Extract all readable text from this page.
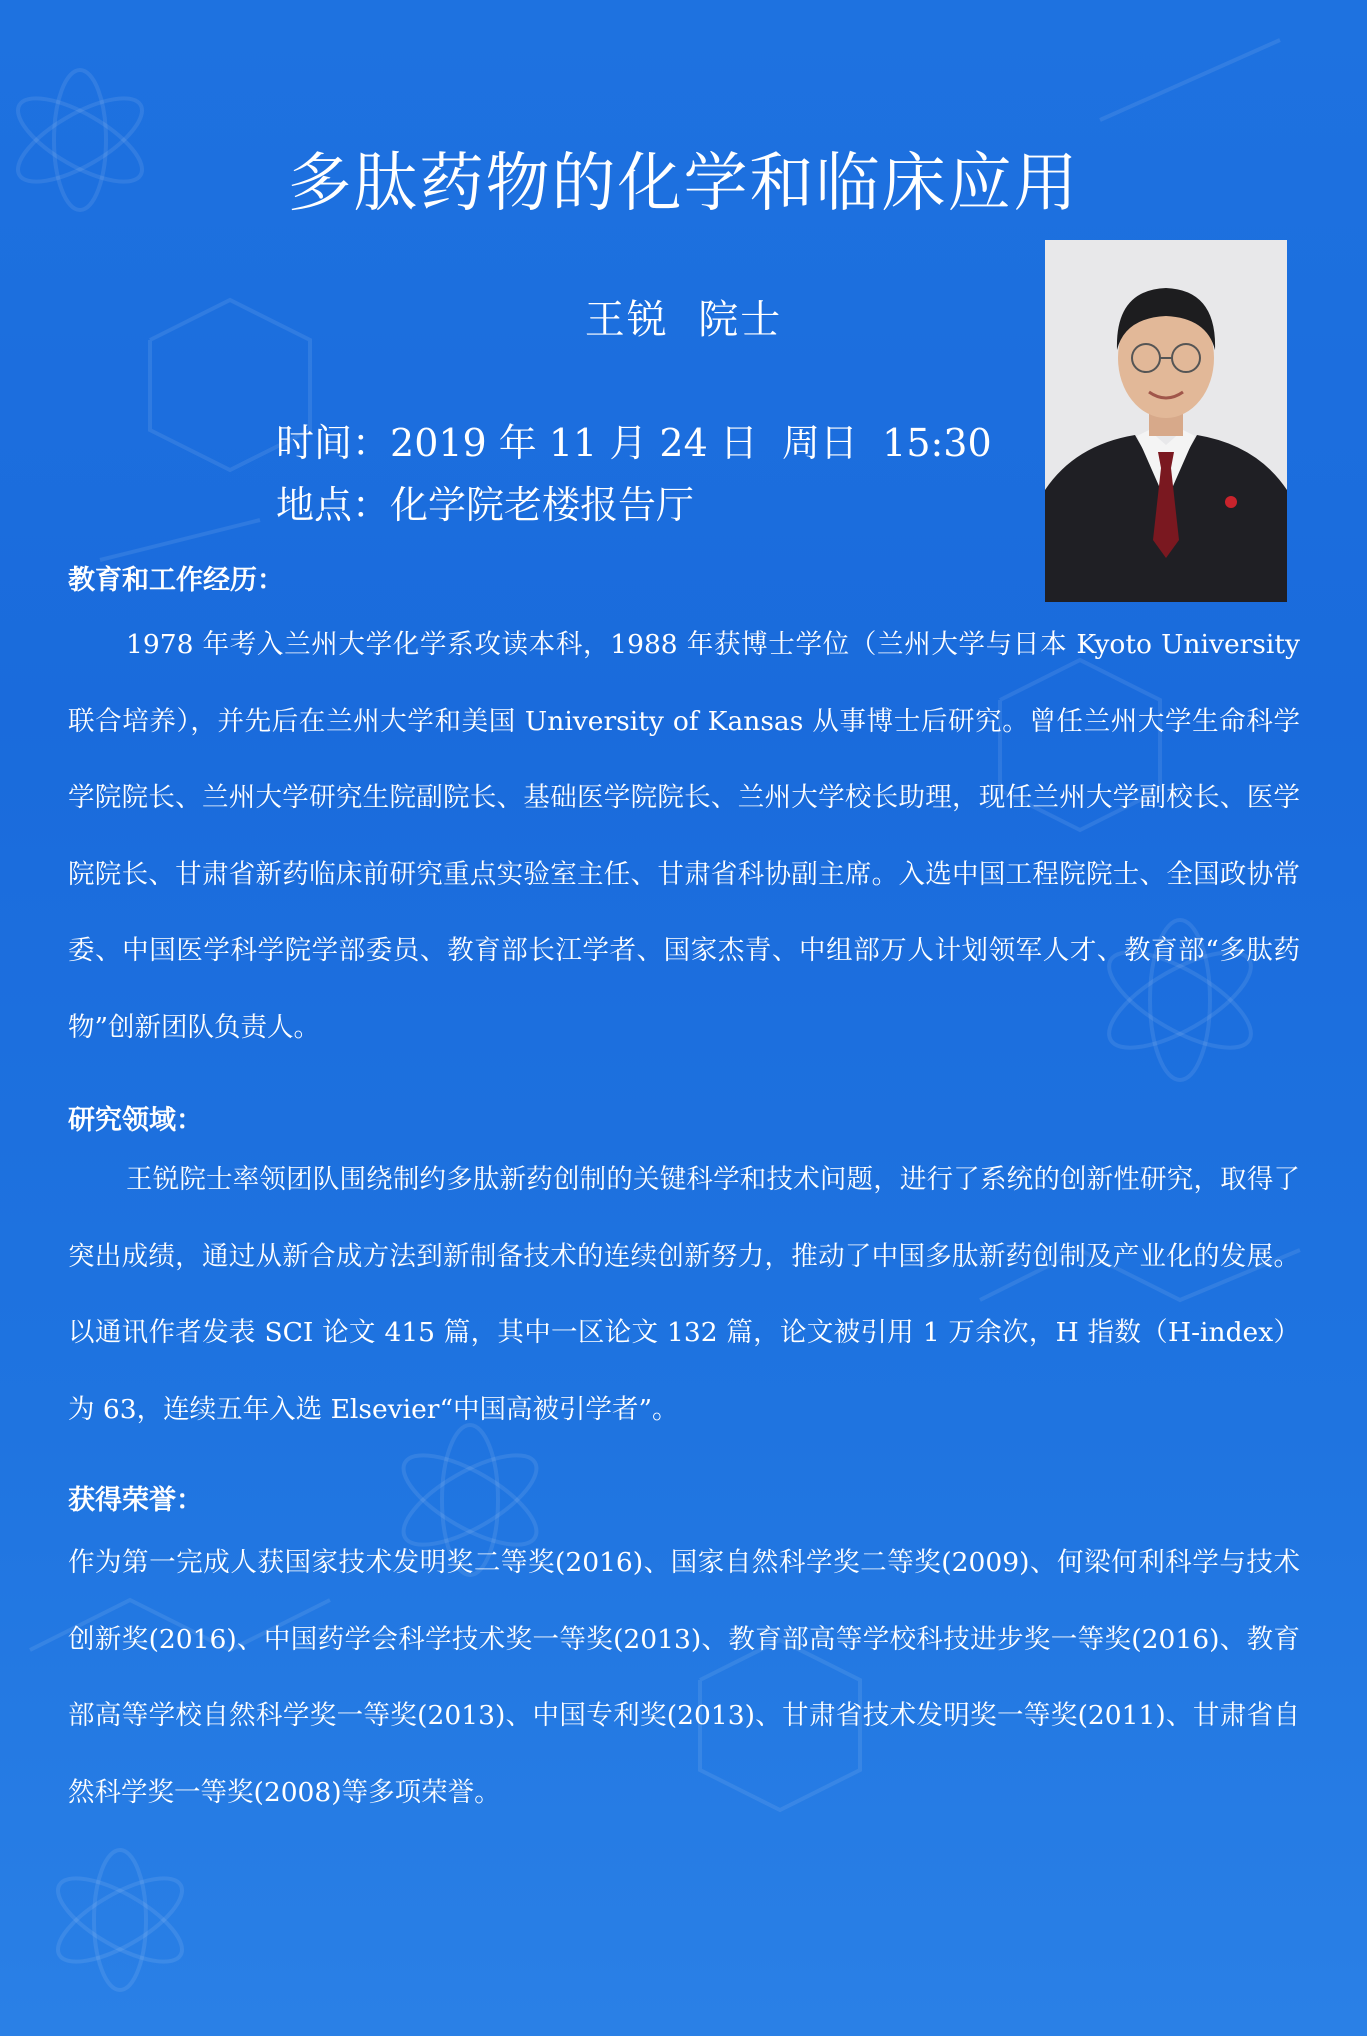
多肽药物的化学和临床应用
王锐  院士
时间：2019 年 11 月 24 日  周日  15:30
地点：化学院老楼报告厅
教育和工作经历：
1978 年考入兰州大学化学系攻读本科，1988 年获博士学位（兰州大学与日本 Kyoto University 联合培养），并先后在兰州大学和美国 University of Kansas 从事博士后研究。曾任兰州大学生命科学学院院长、兰州大学研究生院副院长、基础医学院院长、兰州大学校长助理，现任兰州大学副校长、医学院院长、甘肃省新药临床前研究重点实验室主任、甘肃省科协副主席。入选中国工程院院士、全国政协常委、中国医学科学院学部委员、教育部长江学者、国家杰青、中组部万人计划领军人才、教育部“多肽药物”创新团队负责人。
研究领域：
王锐院士率领团队围绕制约多肽新药创制的关键科学和技术问题，进行了系统的创新性研究，取得了突出成绩，通过从新合成方法到新制备技术的连续创新努力，推动了中国多肽新药创制及产业化的发展。以通讯作者发表 SCI 论文 415 篇，其中一区论文 132 篇，论文被引用 1 万余次，H 指数（H-index）为 63，连续五年入选 Elsevier“中国高被引学者”。
获得荣誉：
作为第一完成人获国家技术发明奖二等奖(2016)、国家自然科学奖二等奖(2009)、何梁何利科学与技术创新奖(2016)、中国药学会科学技术奖一等奖(2013)、教育部高等学校科技进步奖一等奖(2016)、教育部高等学校自然科学奖一等奖(2013)、中国专利奖(2013)、甘肃省技术发明奖一等奖(2011)、甘肃省自然科学奖一等奖(2008)等多项荣誉。
